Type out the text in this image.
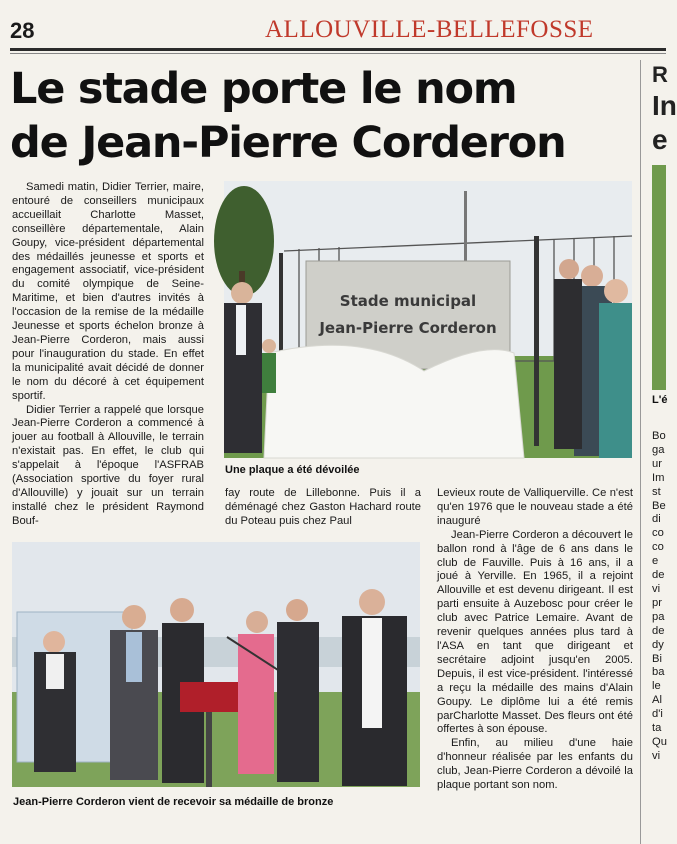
28	ALLOUVILLE-BELLEFOSSE
Le stade porte le nom
de Jean-Pierre Corderon

Samedi matin, Didier Terrier, maire, entouré de conseillers municipaux accueillait Charlotte Masset, conseillère départementale, Alain Goupy, vice-président départemental des médaillés jeunesse et sports et engagement associatif, vice-président du comité olympique de Seine-Maritime, et bien d'autres invités à l'occasion de la remise de la médaille Jeunesse et sports échelon bronze à Jean-Pierre Corderon, mais aussi pour l'inauguration du stade. En effet la municipalité avait décidé de donner le nom du décoré à cet équipement sportif.

Didier Terrier a rappelé que lorsque Jean-Pierre Corderon a commencé à jouer au football à Allouville, le terrain n'existait pas. En effet, le club qui s'appelait à l'époque l'ASFRAB (Association sportive du foyer rural d'Allouville) y jouait sur un terrain installé chez le président Raymond Bouf-

Stade municipal
Jean-Pierre Corderon
Une plaque a été dévoilée

fay route de Lillebonne. Puis il a déménagé chez Gaston Hachard route du Poteau puis chez Paul

Levieux route de Valliquerville. Ce n'est qu'en 1976 que le nouveau stade a été inauguré

Jean-Pierre Corderon a découvert le ballon rond à l'âge de 6 ans dans le club de Fauville. Puis à 16 ans, il a joué à Yerville. En 1965, il a rejoint Allouville et est devenu dirigeant. Il est parti ensuite à Auzebosc pour créer le club avec Patrice Lemaire. Avant de revenir quelques années plus tard à l'ASA en tant que dirigeant et secrétaire adjoint jusqu'en 2005. Depuis, il est vice-président. l'intéressé a reçu la médaille des mains d'Alain Goupy. Le diplôme lui a été remis parCharlotte Masset. Des fleurs ont été offertes à son épouse.

Enfin, au milieu d'une haie d'honneur réalisée par les enfants du club, Jean-Pierre Corderon a dévoilé la plaque portant son nom.

Jean-Pierre Corderon vient de recevoir sa médaille de bronze
R
In
e
L'é
Bo
ga
ur
Im
st
Be
di
co
co
e
de
vi
pr
pa
de
dy
Bi
ba
le
Al
d'i
ta
Qu
vi
